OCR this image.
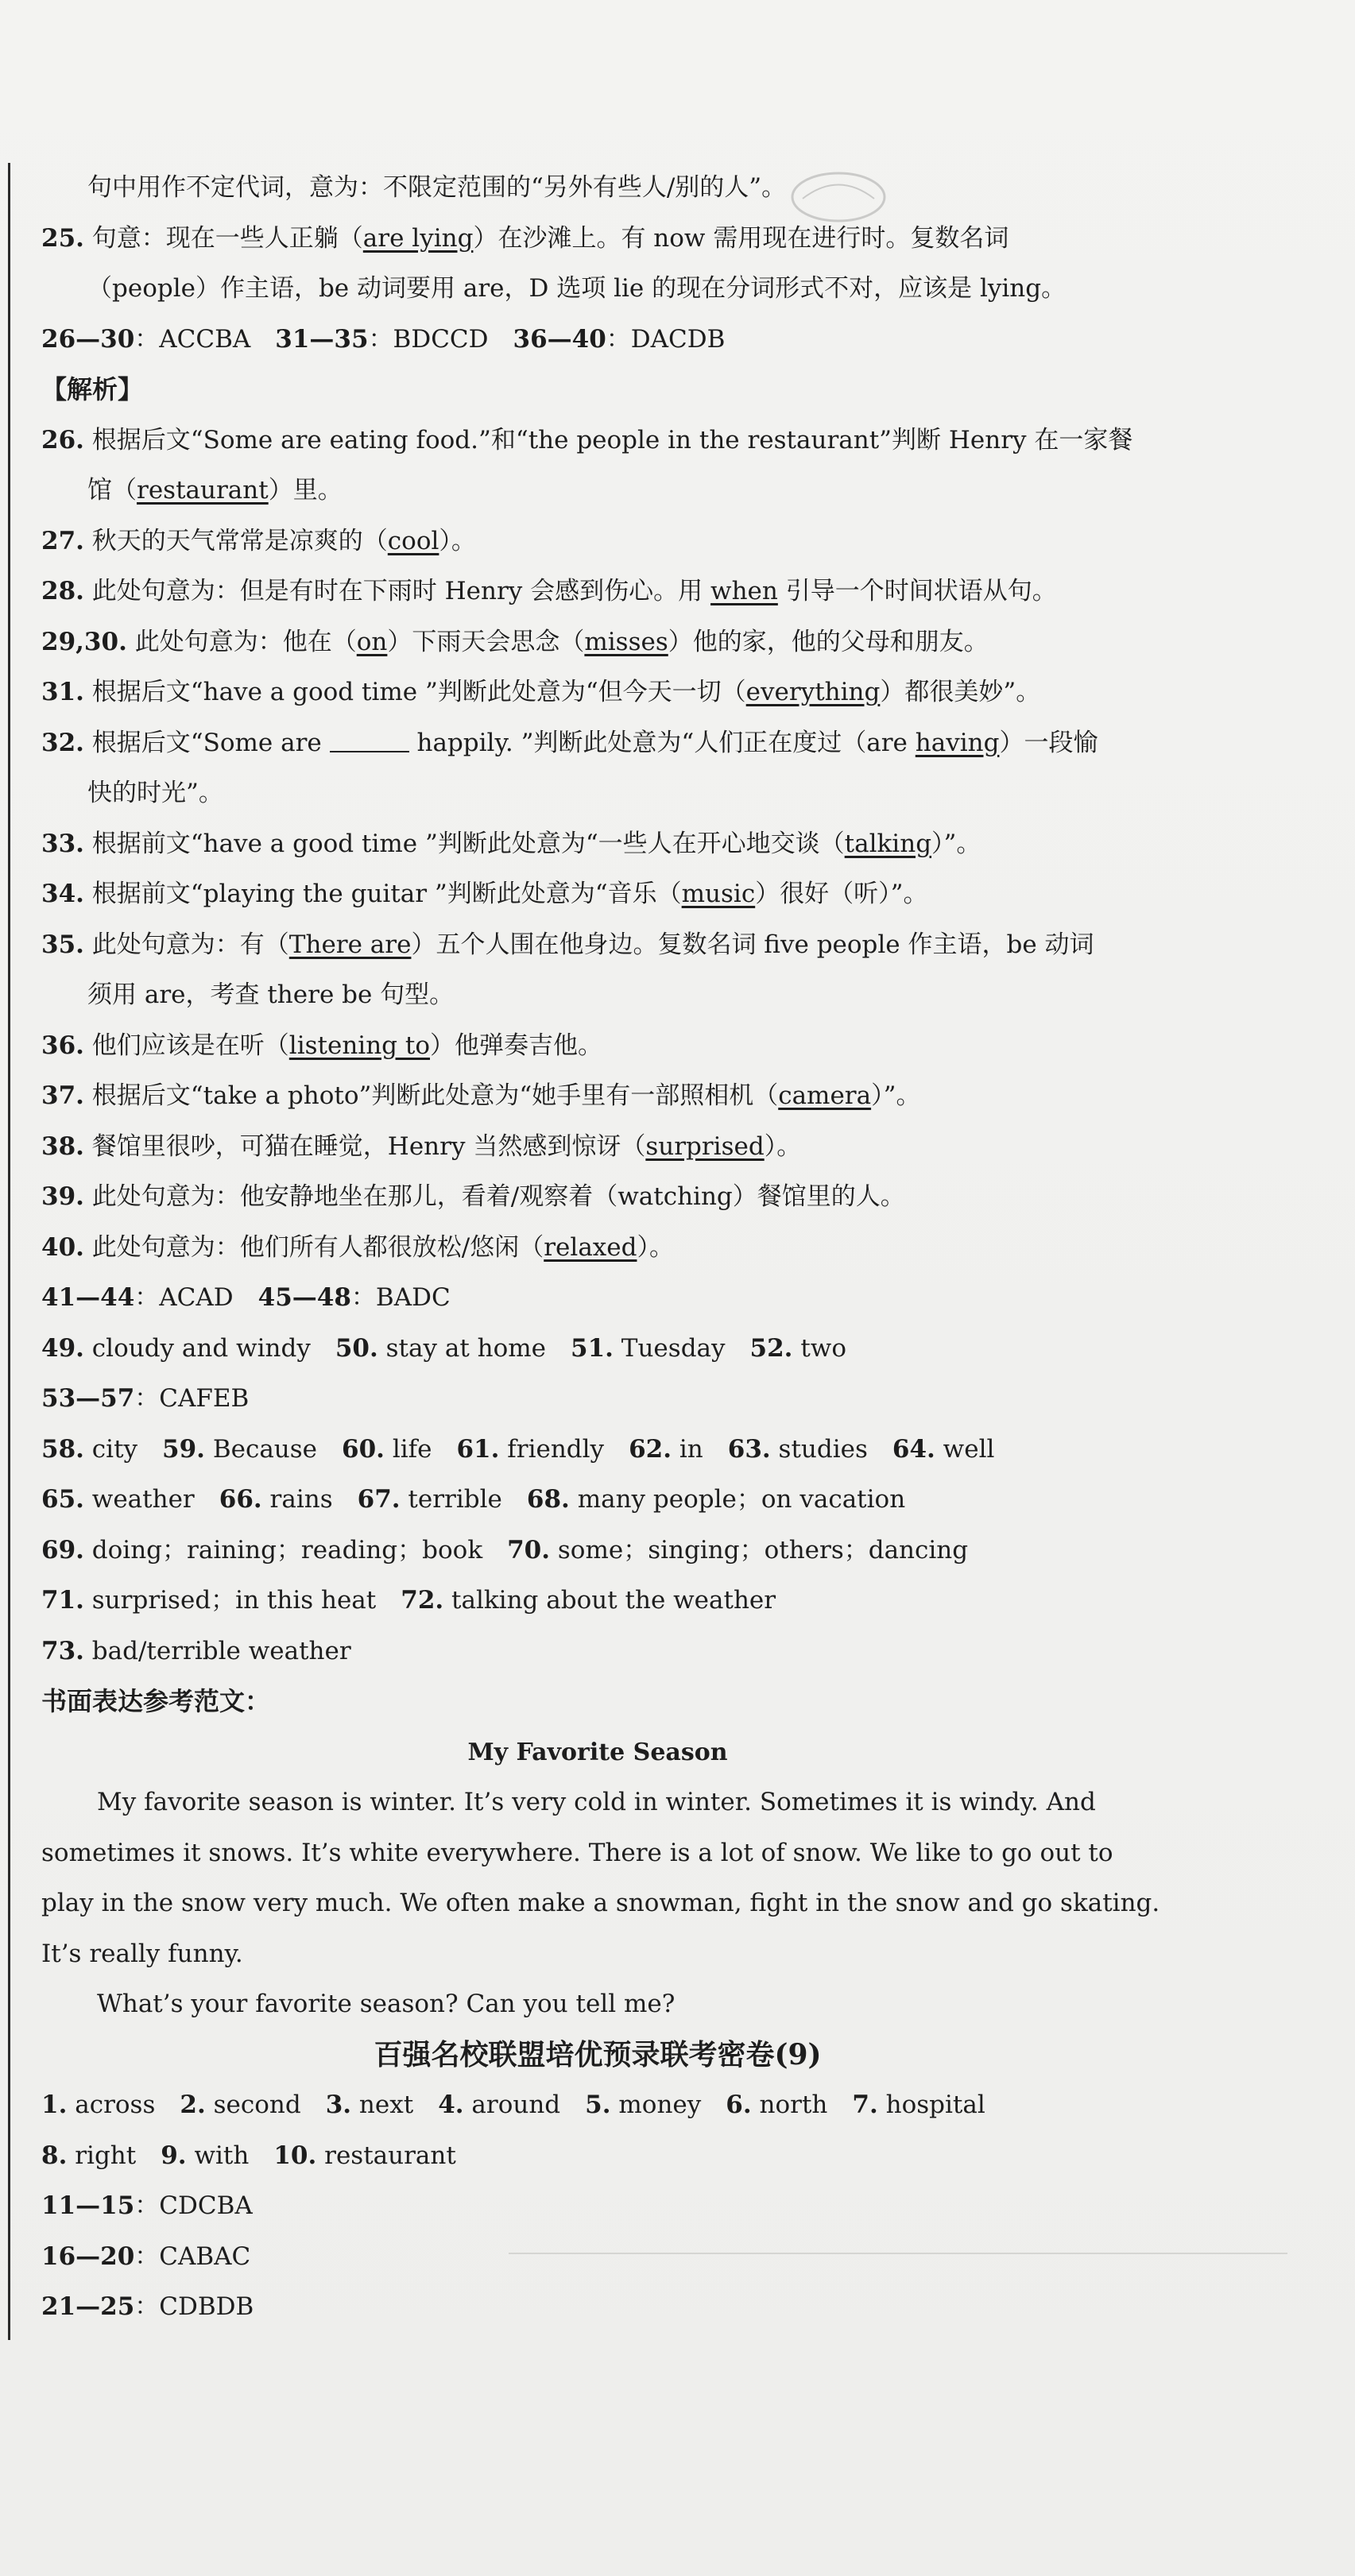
句中用作不定代词，意为：不限定范围的“另外有些人/别的人”。
25. 句意：现在一些人正躺（are lying）在沙滩上。有 now 需用现在进行时。复数名词
（people）作主语，be 动词要用 are，D 选项 lie 的现在分词形式不对，应该是 lying。
26—30：ACCBA　31—35：BDCCD　36—40：DACDB
【解析】
26. 根据后文“Some are eating food.”和“the people in the restaurant”判断 Henry 在一家餐
馆（restaurant）里。
27. 秋天的天气常常是凉爽的（cool）。
28. 此处句意为：但是有时在下雨时 Henry 会感到伤心。用 when 引导一个时间状语从句。
29,30. 此处句意为：他在（on）下雨天会思念（misses）他的家，他的父母和朋友。
31. 根据后文“have a good time ”判断此处意为“但今天一切（everything）都很美妙”。
32. 根据后文“Some are	happily. ”判断此处意为“人们正在度过（are having）一段愉
快的时光”。
33. 根据前文“have a good time ”判断此处意为“一些人在开心地交谈（talking）”。
34. 根据前文“playing the guitar ”判断此处意为“音乐（music）很好（听）”。
35. 此处句意为：有（There are）五个人围在他身边。复数名词 five people 作主语，be 动词
须用 are，考查 there be 句型。
36. 他们应该是在听（listening to）他弹奏吉他。
37. 根据后文“take a photo”判断此处意为“她手里有一部照相机（camera）”。
38. 餐馆里很吵，可猫在睡觉，Henry 当然感到惊讶（surprised）。
39. 此处句意为：他安静地坐在那儿，看着/观察着（watching）餐馆里的人。
40. 此处句意为：他们所有人都很放松/悠闲（relaxed）。
41—44：ACAD　45—48：BADC
49. cloudy and windy　50. stay at home　51. Tuesday　52. two
53—57：CAFEB
58. city　59. Because　60. life　61. friendly　62. in　63. studies　64. well
65. weather　66. rains　67. terrible　68. many people；on vacation
69. doing；raining；reading；book　70. some；singing；others；dancing
71. surprised；in this heat　72. talking about the weather
73. bad/terrible weather
书面表达参考范文：
My Favorite Season
My favorite season is winter. It’s very cold in winter. Sometimes it is windy. And
sometimes it snows. It’s white everywhere. There is a lot of snow. We like to go out to
play in the snow very much. We often make a snowman, fight in the snow and go skating.
It’s really funny.
What’s your favorite season? Can you tell me?
百强名校联盟培优预录联考密卷(9)
1. across　2. second　3. next　4. around　5. money　6. north　7. hospital
8. right　9. with　10. restaurant
11—15：CDCBA
16—20：CABAC
21—25：CDBDB
